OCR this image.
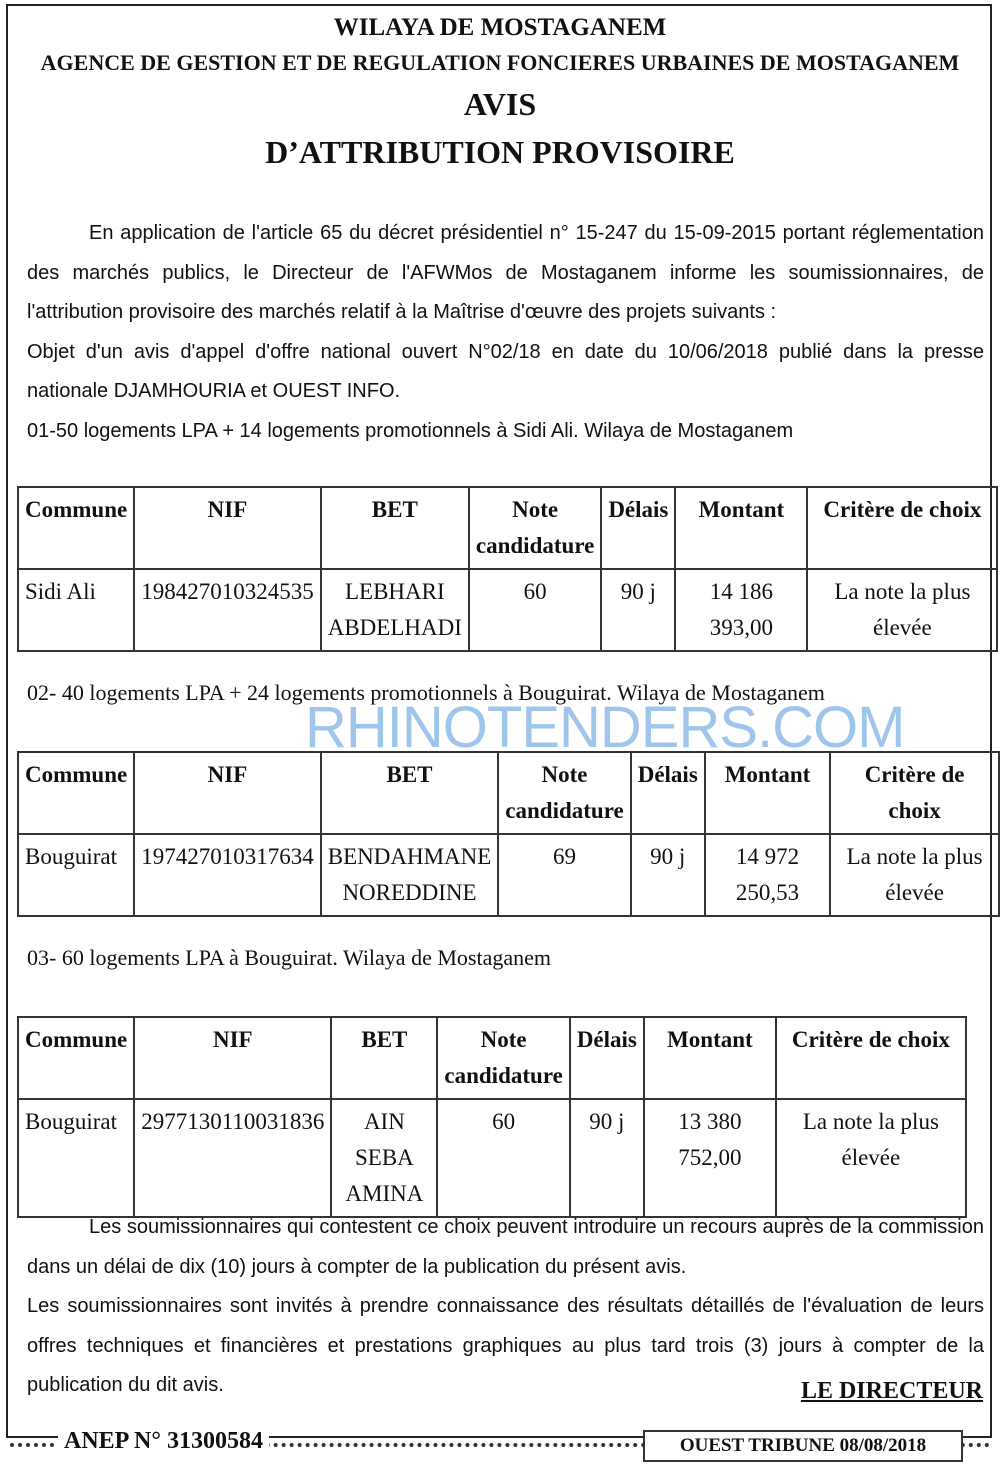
WILAYA DE MOSTAGANEM
AGENCE DE GESTION ET DE REGULATION FONCIERES URBAINES DE MOSTAGANEM
AVIS
D’ATTRIBUTION PROVISOIRE
En application de l'article 65 du décret présidentiel n° 15-247 du 15-09-2015 portant réglementation des marchés publics, le Directeur de l'AFWMos de Mostaganem informe les soumissionnaires, de l'attribution provisoire des marchés relatif à la Maîtrise d'œuvre des projets suivants :
Objet d'un avis d'appel d'offre national ouvert N°02/18 en date du 10/06/2018 publié dans la presse nationale DJAMHOURIA et OUEST INFO.
01-50 logements LPA + 14 logements promotionnels à Sidi Ali. Wilaya de Mostaganem
Commune	NIF	BET	Note candidature	Délais	Montant	Critère de choix
Sidi Ali	198427010324535	LEBHARI ABDELHADI	60	90 j	14 186 393,00	La note la plus élevée
02- 40 logements LPA + 24 logements promotionnels à Bouguirat. Wilaya de Mostaganem
Commune	NIF	BET	Note candidature	Délais	Montant	Critère de choix
Bouguirat	197427010317634	BENDAHMANE NOREDDINE	69	90 j	14 972 250,53	La note la plus élevée
03- 60 logements LPA à Bouguirat. Wilaya de Mostaganem
Commune	NIF	BET	Note candidature	Délais	Montant	Critère de choix
Bouguirat	2977130110031836	AIN SEBA AMINA	60	90 j	13 380 752,00	La note la plus élevée
Les soumissionnaires qui contestent ce choix peuvent introduire un recours auprès de la commission dans un délai de dix (10) jours à compter de la publication du présent avis.
Les soumissionnaires sont invités à prendre connaissance des résultats détaillés de l'évaluation de leurs offres techniques et financières et prestations graphiques au plus tard trois (3) jours à compter de la publication du dit avis.	LE DIRECTEUR
ANEP N° 31300584	OUEST TRIBUNE 08/08/2018
RHINOTENDERS.COM
